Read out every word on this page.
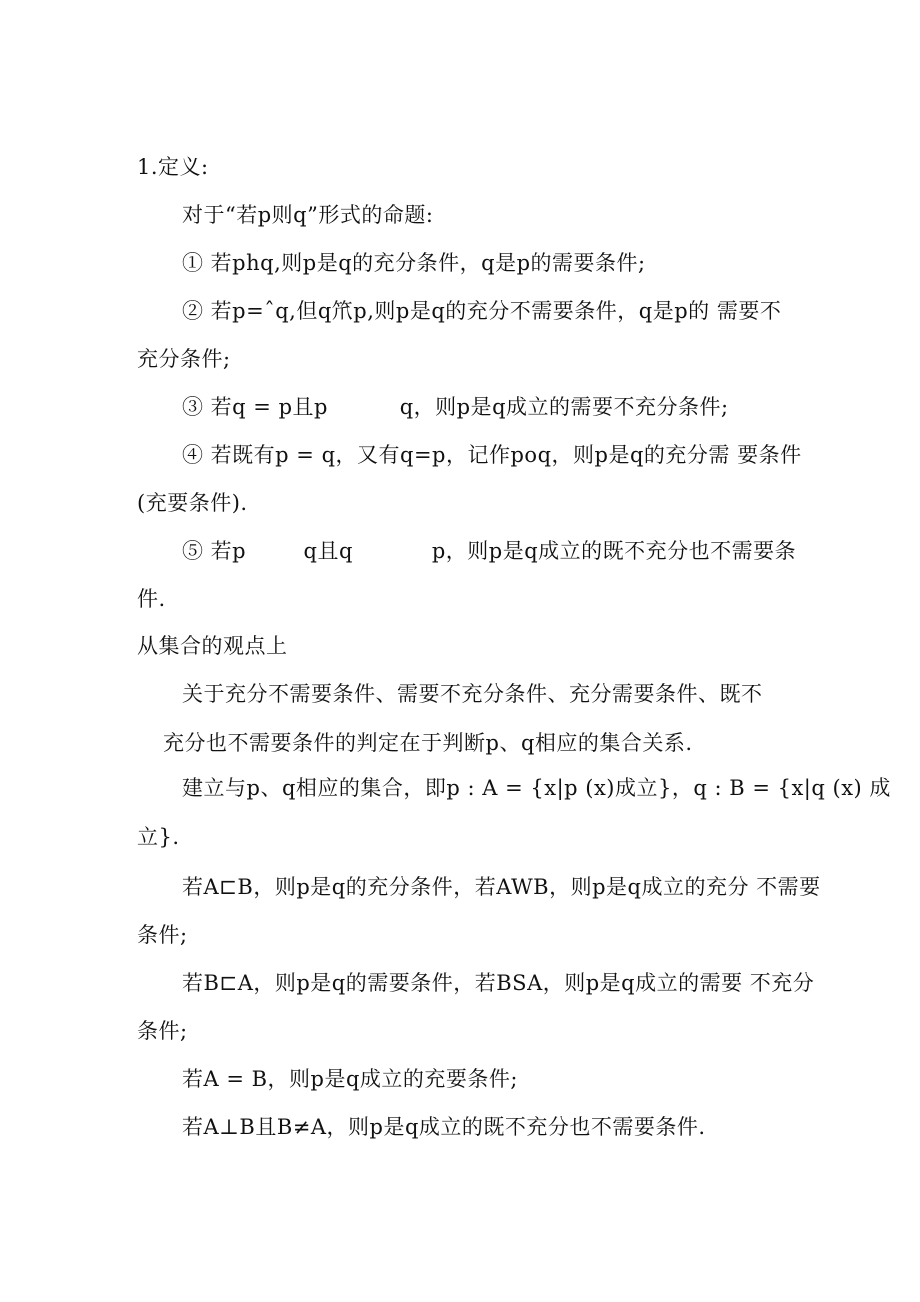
1.定义:
对于“若p则q”形式的命题:
① 若phq,则p是q的充分条件，q是p的需要条件;
② 若p=ˆq,但q笊p,则p是q的充分不需要条件，q是p的 需要不
充分条件;
③ 若q = p且p          q，则p是q成立的需要不充分条件;
④ 若既有p = q，又有q=p，记作poq，则p是q的充分需 要条件
(充要条件).
⑤ 若p        q且q           p，则p是q成立的既不充分也不需要条
件.
从集合的观点上
关于充分不需要条件、需要不充分条件、充分需要条件、既不
充分也不需要条件的判定在于判断p、q相应的集合关系.
建立与p、q相应的集合，即p : A = {x|p (x)成立}，q : B = {x|q (x) 成
立}.
若A⊏B，则p是q的充分条件，若AWB，则p是q成立的充分 不需要
条件;
若B⊏A，则p是q的需要条件，若BSA，则p是q成立的需要 不充分
条件;
若A = B，则p是q成立的充要条件;
若A⊥B且B≠A，则p是q成立的既不充分也不需要条件.
